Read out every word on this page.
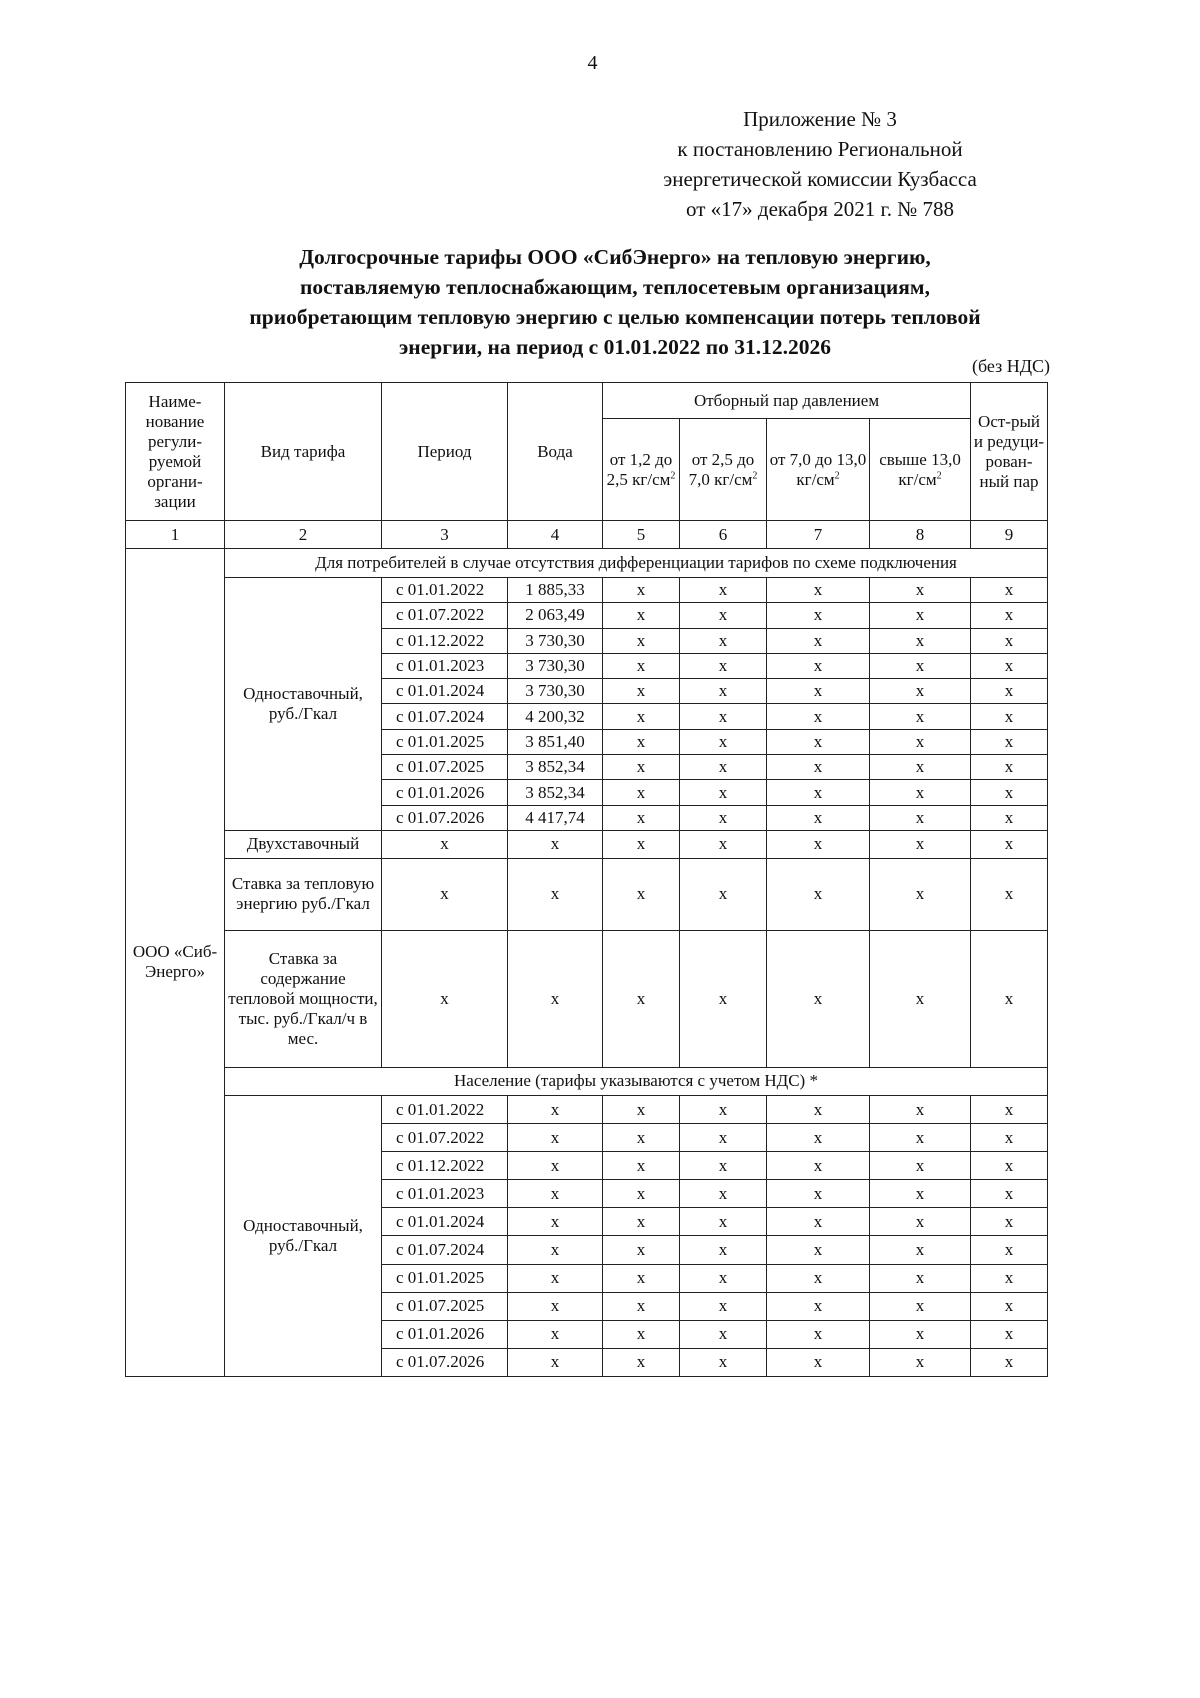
4
Приложение № 3
к постановлению Региональной
энергетической комиссии Кузбасса
от «17» декабря 2021 г. № 788
Долгосрочные тарифы ООО «СибЭнерго» на тепловую энергию,
поставляемую теплоснабжающим, теплосетевым организациям,
приобретающим тепловую энергию с целью компенсации потерь тепловой
энергии, на период с 01.01.2022 по 31.12.2026
(без НДС)
Наиме-нование регули-руемой органи-зации	Вид тарифа	Период	Вода	Отборный пар давлением				Ост-рый и редуци-рован-ный пар
				от 1,2 до 2,5 $кг/см^2$	от 2,5 до 7,0 $кг/см^2$	от 7,0 до 13,0 $кг/см^2$	свыше 13,0 $кг/см^2$
1	2	3	4	5	6	7	8	9
ООО «Сиб-Энерго»	Для потребителей в случае отсутствия дифференциации тарифов по схеме подключения							
	Одноставочный, руб./Гкал	с 01.01.2022	1 885,33	x	x	x	x	x
		с 01.07.2022	2 063,49	x	x	x	x	x
		с 01.12.2022	3 730,30	x	x	x	x	x
		с 01.01.2023	3 730,30	x	x	x	x	x
		с 01.01.2024	3 730,30	x	x	x	x	x
		с 01.07.2024	4 200,32	x	x	x	x	x
		с 01.01.2025	3 851,40	x	x	x	x	x
		с 01.07.2025	3 852,34	x	x	x	x	x
		с 01.01.2026	3 852,34	x	x	x	x	x
		с 01.07.2026	4 417,74	x	x	x	x	x
	Двухставочный	x	x	x	x	x	x	x
	Ставка за тепловую энергию руб./Гкал	x	x	x	x	x	x	x
	Ставка за содержание тепловой мощности, тыс. руб./Гкал/ч в мес.	x	x	x	x	x	x	x
	Население (тарифы указываются с учетом НДС) *							
	Одноставочный, руб./Гкал	с 01.01.2022	x	x	x	x	x	x
		с 01.07.2022	x	x	x	x	x	x
		с 01.12.2022	x	x	x	x	x	x
		с 01.01.2023	x	x	x	x	x	x
		с 01.01.2024	x	x	x	x	x	x
		с 01.07.2024	x	x	x	x	x	x
		с 01.01.2025	x	x	x	x	x	x
		с 01.07.2025	x	x	x	x	x	x
		с 01.01.2026	x	x	x	x	x	x
		с 01.07.2026	x	x	x	x	x	x
